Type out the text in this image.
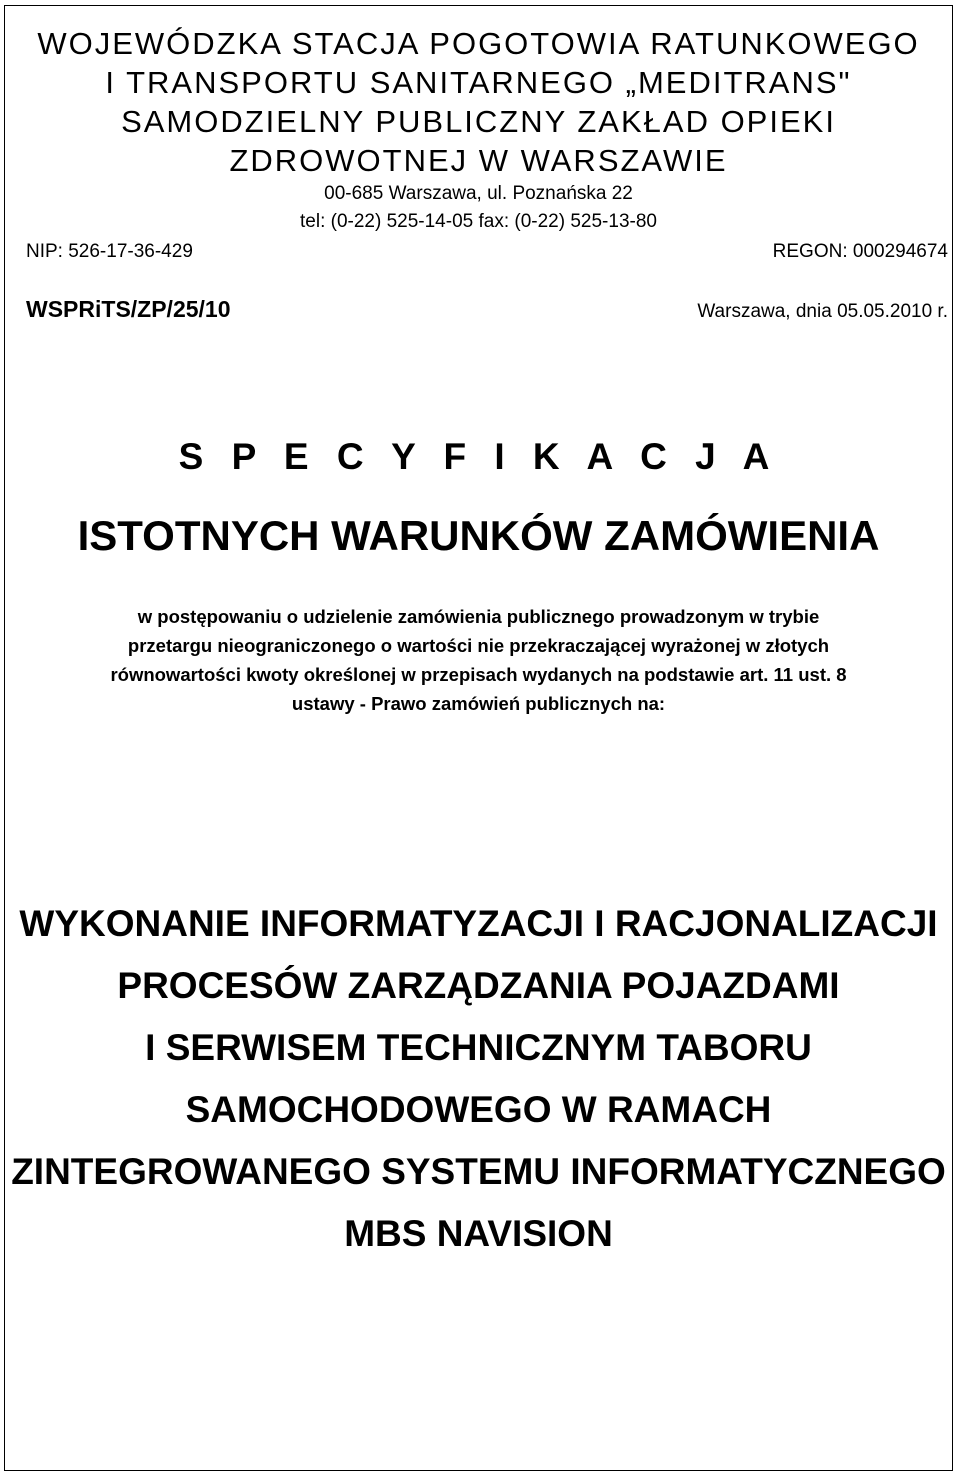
WOJEWÓDZKA STACJA POGOTOWIA RATUNKOWEGO
I TRANSPORTU SANITARNEGO „MEDITRANS"
SAMODZIELNY PUBLICZNY ZAKŁAD OPIEKI
ZDROWOTNEJ W WARSZAWIE
00-685 Warszawa, ul. Poznańska 22
tel: (0-22) 525-14-05 fax: (0-22) 525-13-80
NIP: 526-17-36-429	REGON: 000294674
WSPRiTS/ZP/25/10	Warszawa, dnia 05.05.2010 r.
S P E C Y F I K A C J A
ISTOTNYCH WARUNKÓW ZAMÓWIENIA
w postępowaniu o udzielenie zamówienia publicznego prowadzonym w trybie
przetargu nieograniczonego o wartości nie przekraczającej wyrażonej w złotych
równowartości kwoty określonej w przepisach wydanych na podstawie art. 11 ust. 8
ustawy - Prawo zamówień publicznych na:
WYKONANIE INFORMATYZACJI I RACJONALIZACJI
PROCESÓW ZARZĄDZANIA POJAZDAMI
I SERWISEM TECHNICZNYM TABORU
SAMOCHODOWEGO W RAMACH
ZINTEGROWANEGO SYSTEMU INFORMATYCZNEGO
MBS NAVISION
